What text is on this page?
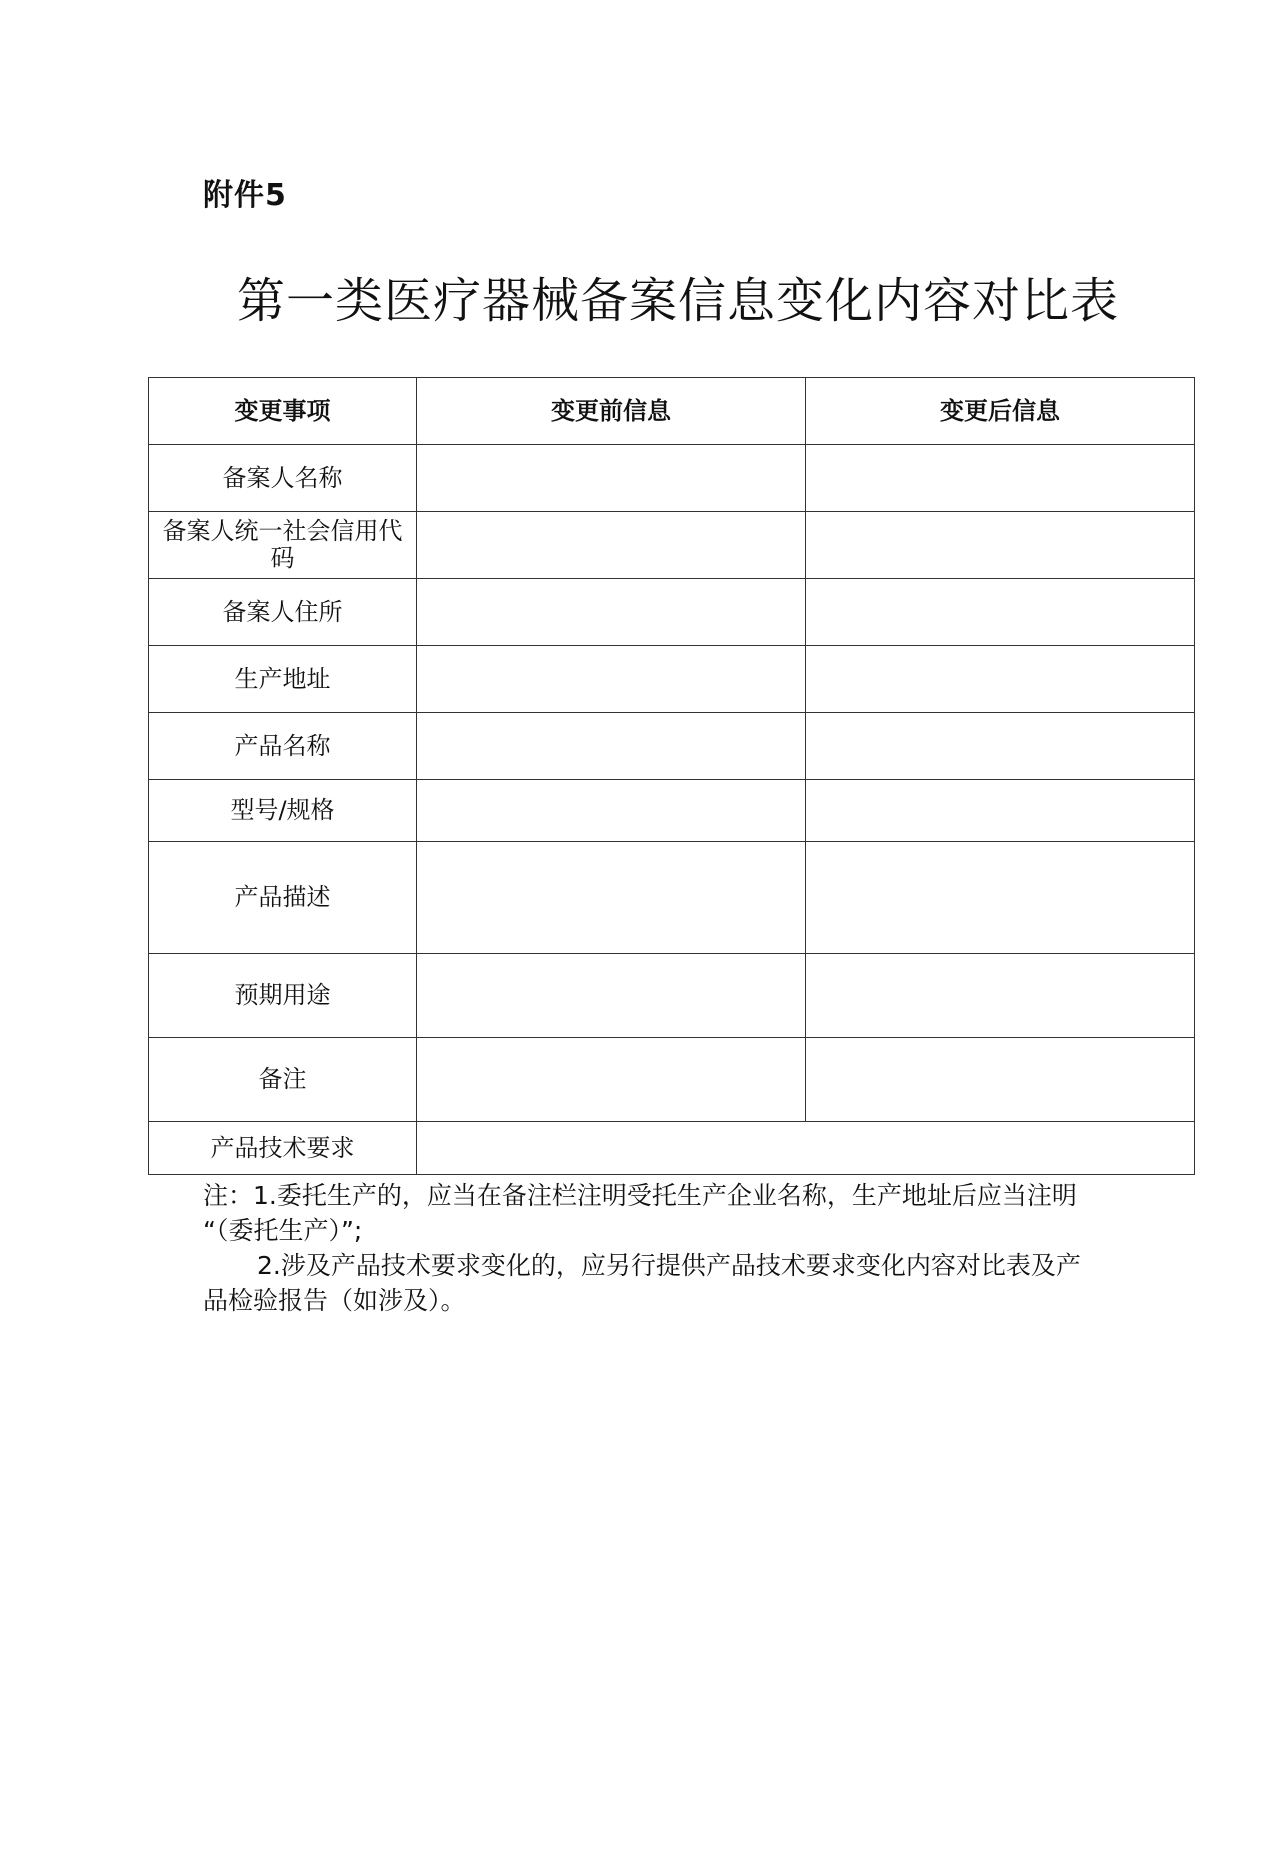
附件5
第一类医疗器械备案信息变化内容对比表
变更事项	变更前信息	变更后信息
备案人名称		
备案人统一社会信用代码		
备案人住所		
生产地址		
产品名称		
型号/规格		
产品描述		
预期用途		
备注		
产品技术要求		

注：1.委托生产的，应当在备注栏注明受托生产企业名称，生产地址后应当注明

“（委托生产）”;

2.涉及产品技术要求变化的，应另行提供产品技术要求变化内容对比表及产

品检验报告（如涉及）。
